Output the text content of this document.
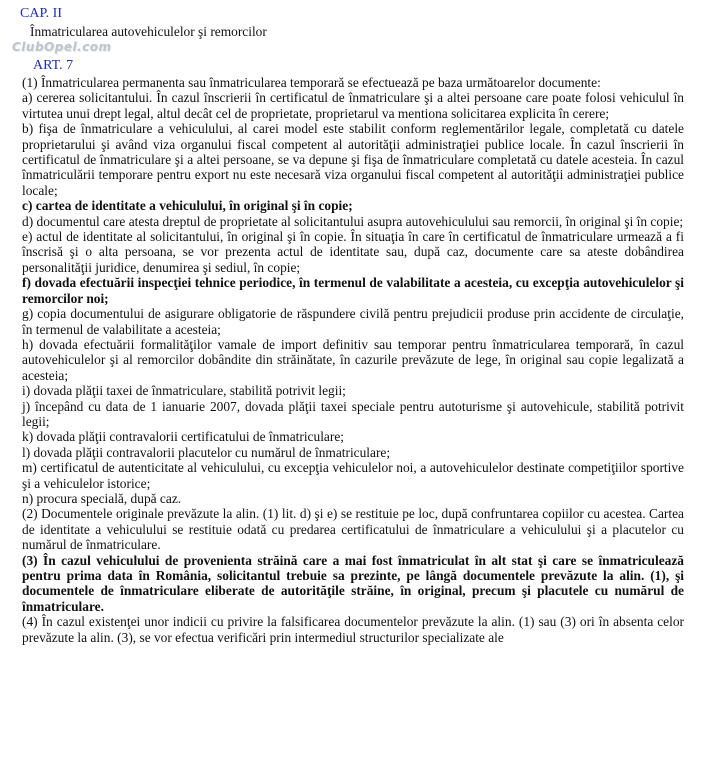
CAP. II
Înmatricularea autovehiculelor şi remorcilor
ClubOpel.com
ART. 7

(1) Înmatricularea permanenta sau înmatricularea temporară se efectuează pe baza următoarelor documente:

a) cererea solicitantului. În cazul înscrierii în certificatul de înmatriculare şi a altei persoane care poate folosi vehiculul în virtutea unui drept legal, altul decât cel de proprietate, proprietarul va mentiona solicitarea explicita în cerere;

b) fişa de înmatriculare a vehiculului, al carei model este stabilit conform reglementărilor legale, completată cu datele proprietarului şi având viza organului fiscal competent al autorităţii administraţiei publice locale. În cazul înscrierii în certificatul de înmatriculare şi a altei persoane, se va depune şi fişa de înmatriculare completată cu datele acesteia. În cazul înmatriculării temporare pentru export nu este necesară viza organului fiscal competent al autorităţii administraţiei publice locale;

c) cartea de identitate a vehiculului, în original şi în copie;

d) documentul care atesta dreptul de proprietate al solicitantului asupra autovehiculului sau remorcii, în original şi în copie;

e) actul de identitate al solicitantului, în original şi în copie. În situaţia în care în certificatul de înmatriculare urmează a fi înscrisă şi o alta persoana, se vor prezenta actul de identitate sau, după caz, documente care sa ateste dobândirea personalităţii juridice, denumirea şi sediul, în copie;

f) dovada efectuării inspecţiei tehnice periodice, în termenul de valabilitate a acesteia, cu excepţia autovehiculelor şi remorcilor noi;

g) copia documentului de asigurare obligatorie de răspundere civilă pentru prejudicii produse prin accidente de circulaţie, în termenul de valabilitate a acesteia;

h) dovada efectuării formalităţilor vamale de import definitiv sau temporar pentru înmatricularea temporară, în cazul autovehiculelor şi al remorcilor dobândite din străinătate, în cazurile prevăzute de lege, în original sau copie legalizată a acesteia;

i) dovada plăţii taxei de înmatriculare, stabilită potrivit legii;

j) începând cu data de 1 ianuarie 2007, dovada plăţii taxei speciale pentru autoturisme şi autovehicule, stabilită potrivit legii;

k) dovada plăţii contravalorii certificatului de înmatriculare;

l) dovada plăţii contravalorii placutelor cu numărul de înmatriculare;

m) certificatul de autenticitate al vehiculului, cu excepţia vehiculelor noi, a autovehiculelor destinate competiţiilor sportive şi a vehiculelor istorice;

n) procura specială, după caz.

(2) Documentele originale prevăzute la alin. (1) lit. d) şi e) se restituie pe loc, după confruntarea copiilor cu acestea. Cartea de identitate a vehiculului se restituie odată cu predarea certificatului de înmatriculare a vehiculului şi a placutelor cu numărul de înmatriculare.

(3) În cazul vehiculului de provenienta străină care a mai fost înmatriculat în alt stat şi care se înmatriculează pentru prima data în România, solicitantul trebuie sa prezinte, pe lângă documentele prevăzute la alin. (1), şi documentele de înmatriculare eliberate de autorităţile străine, în original, precum şi placutele cu numărul de înmatriculare.

(4) În cazul existenţei unor indicii cu privire la falsificarea documentelor prevăzute la alin. (1) sau (3) ori în absenta celor prevăzute la alin. (3), se vor efectua verificări prin intermediul structurilor specializate ale
